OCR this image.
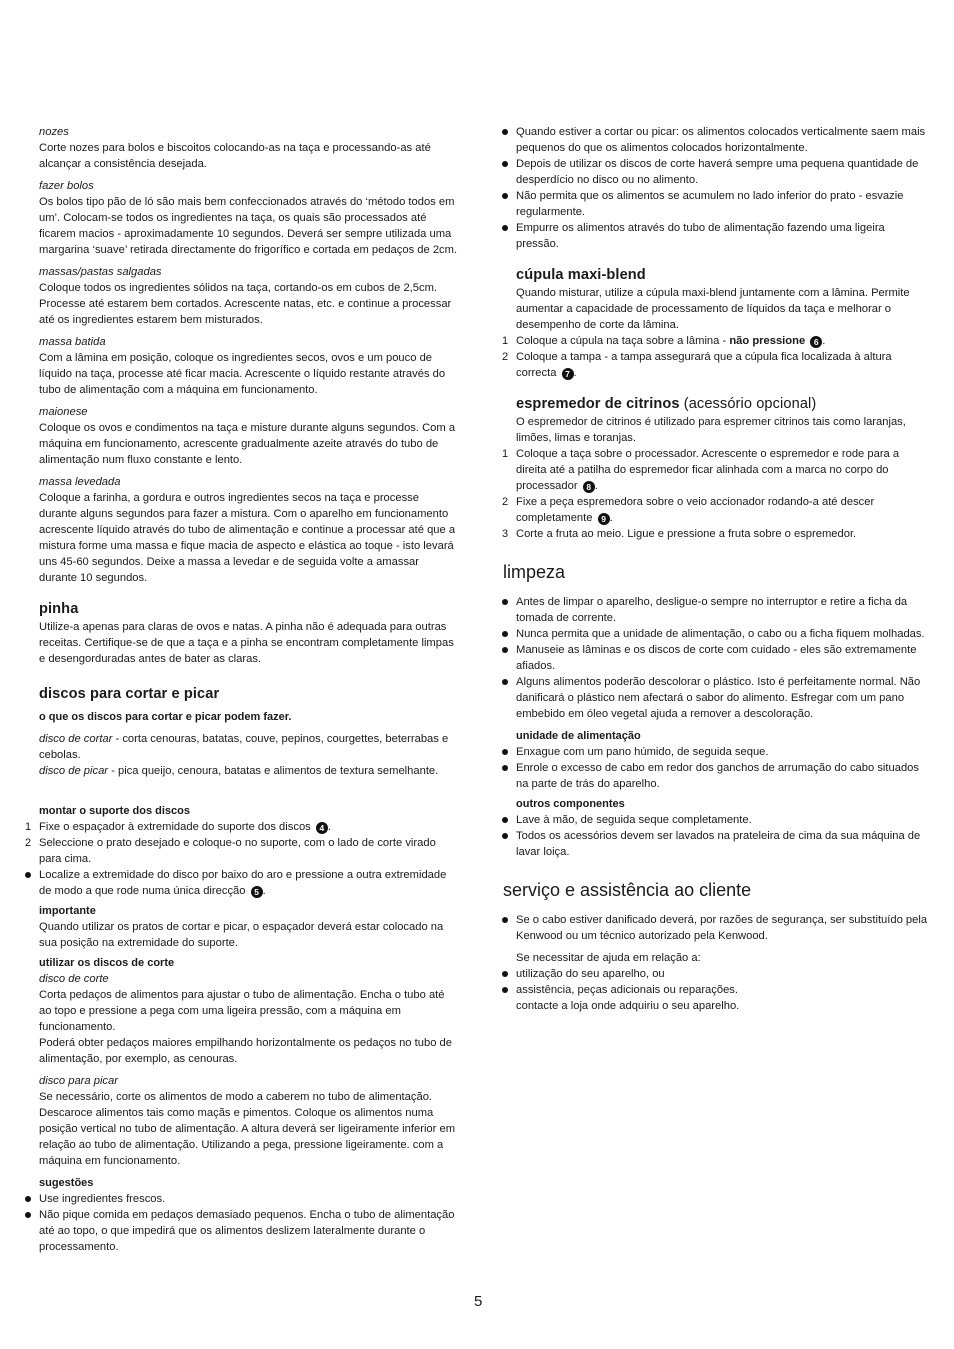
nozes

Corte nozes para bolos e biscoitos colocando-as na taça e processando-as até alcançar a consistência desejada.

fazer bolos

Os bolos tipo pão de ló são mais bem confeccionados através do ‘método todos em um’. Colocam-se todos os ingredientes na taça, os quais são processados até ficarem macios - aproximadamente 10 segundos. Deverá ser sempre utilizada uma margarina ‘suave’ retirada directamente do frigorífico e cortada em pedaços de 2cm.

massas/pastas salgadas

Coloque todos os ingredientes sólidos na taça, cortando-os em cubos de 2,5cm. Processe até estarem bem cortados. Acrescente natas, etc. e continue a processar até os ingredientes estarem bem misturados.

massa batida

Com a lâmina em posição, coloque os ingredientes secos, ovos e um pouco de líquido na taça, processe até ficar macia. Acrescente o líquido restante através do tubo de alimentação com a máquina em funcionamento.

maionese

Coloque os ovos e condimentos na taça e misture durante alguns segundos. Com a máquina em funcionamento, acrescente gradualmente azeite através do tubo de alimentação num fluxo constante e lento.

massa levedada

Coloque a farinha, a gordura e outros ingredientes secos na taça e processe durante alguns segundos para fazer a mistura. Com o aparelho em funcionamento acrescente líquido através do tubo de alimentação e continue a processar até que a mistura forme uma massa e fique macia de aspecto e elástica ao toque - isto levará uns 45-60 segundos. Deixe a massa a levedar e de seguida volte a amassar durante 10 segundos.

pinha

Utilize-a apenas para claras de ovos e natas. A pinha não é adequada para outras receitas. Certifique-se de que a taça e a pinha se encontram completamente limpas e desengorduradas antes de bater as claras.

discos para cortar e picar

o que os discos para cortar e picar podem fazer.

disco de cortar - corta cenouras, batatas, couve, pepinos, courgettes, beterrabas e cebolas.

disco de picar - pica queijo, cenoura, batatas e alimentos de textura semelhante.

montar o suporte dos discos

1 Fixe o espaçador à extremidade do suporte dos discos 4 .
2 Seleccione o prato desejado e coloque-o no suporte, com o lado de corte virado para cima.
Localize a extremidade do disco por baixo do aro e pressione a outra extremidade de modo a que rode numa única direcção 5 .

importante

Quando utilizar os pratos de cortar e picar, o espaçador deverá estar colocado na sua posição na extremidade do suporte.

utilizar os discos de corte

disco de corte

Corta pedaços de alimentos para ajustar o tubo de alimentação. Encha o tubo até ao topo e pressione a pega com uma ligeira pressão, com a máquina em funcionamento.

Poderá obter pedaços maiores empilhando horizontalmente os pedaços no tubo de alimentação, por exemplo, as cenouras.

disco para picar

Se necessário, corte os alimentos de modo a caberem no tubo de alimentação. Descaroce alimentos tais como maçãs e pimentos. Coloque os alimentos numa posição vertical no tubo de alimentação. A altura deverá ser ligeiramente inferior em relação ao tubo de alimentação. Utilizando a pega, pressione ligeiramente. com a máquina em funcionamento.

sugestões

Use ingredientes frescos.
Não pique comida em pedaços demasiado pequenos. Encha o tubo de alimentação até ao topo, o que impedirá que os alimentos deslizem lateralmente durante o processamento.
Quando estiver a cortar ou picar: os alimentos colocados verticalmente saem mais pequenos do que os alimentos colocados horizontalmente.
Depois de utilizar os discos de corte haverá sempre uma pequena quantidade de desperdício no disco ou no alimento.
Não permita que os alimentos se acumulem no lado inferior do prato - esvazie regularmente.
Empurre os alimentos através do tubo de alimentação fazendo uma ligeira pressão.

cúpula maxi-blend

Quando misturar, utilize a cúpula maxi-blend juntamente com a lâmina. Permite aumentar a capacidade de processamento de líquidos da taça e melhorar o desempenho de corte da lâmina.

1 Coloque a cúpula na taça sobre a lâmina - não pressione 6 .
2 Coloque a tampa - a tampa assegurará que a cúpula fica localizada à altura correcta 7 .

espremedor de citrinos (acessório opcional)

O espremedor de citrinos é utilizado para espremer citrinos tais como laranjas, limões, limas e toranjas.

1 Coloque a taça sobre o processador. Acrescente o espremedor e rode para a direita até a patilha do espremedor ficar alinhada com a marca no corpo do processador 8 .
2 Fixe a peça espremedora sobre o veio accionador rodando-a até descer completamente 9 .
3 Corte a fruta ao meio. Ligue e pressione a fruta sobre o espremedor.

limpeza

Antes de limpar o aparelho, desligue-o sempre no interruptor e retire a ficha da tomada de corrente.
Nunca permita que a unidade de alimentação, o cabo ou a ficha fiquem molhadas.
Manuseie as lâminas e os discos de corte com cuidado - eles são extremamente afiados.
Alguns alimentos poderão descolorar o plástico. Isto é perfeitamente normal. Não danificará o plástico nem afectará o sabor do alimento. Esfregar com um pano embebido em óleo vegetal ajuda a remover a descoloração.

unidade de alimentação

Enxague com um pano húmido, de seguida seque.
Enrole o excesso de cabo em redor dos ganchos de arrumação do cabo situados na parte de trás do aparelho.

outros componentes

Lave à mão, de seguida seque completamente.
Todos os acessórios devem ser lavados na prateleira de cima da sua máquina de lavar loiça.

serviço e assistência ao cliente

Se o cabo estiver danificado deverá, por razões de segurança, ser substituído pela Kenwood ou um técnico autorizado pela Kenwood.

Se necessitar de ajuda em relação a:

utilização do seu aparelho, ou
assistência, peças adicionais ou reparações.

contacte a loja onde adquiriu o seu aparelho.

5
